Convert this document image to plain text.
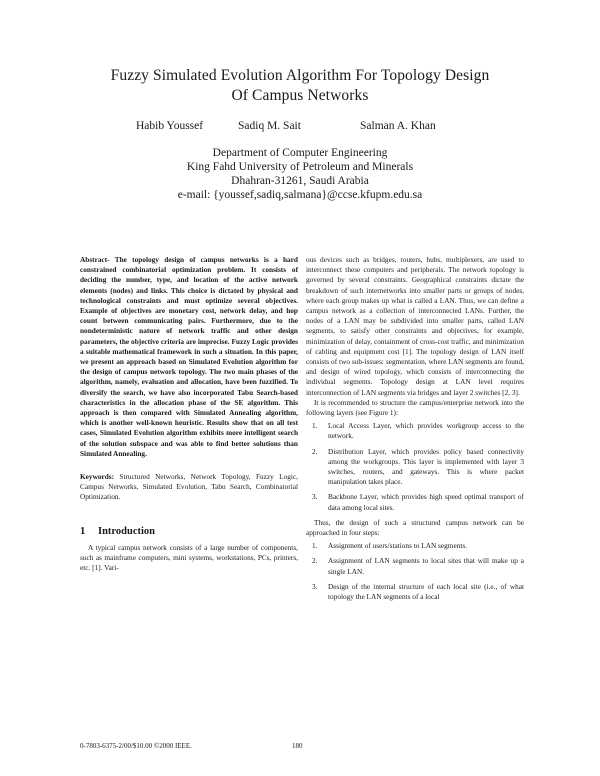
Fuzzy Simulated Evolution Algorithm For Topology Design
Of Campus Networks
Habib Youssef	Sadiq M. Sait	Salman A. Khan
Department of Computer Engineering
King Fahd University of Petroleum and Minerals
Dhahran-31261, Saudi Arabia
e-mail: {youssef,sadiq,salmana}@ccse.kfupm.edu.sa
Abstract- The topology design of campus networks is a hard constrained combinatorial optimization problem. It consists of deciding the number, type, and location of the active network elements (nodes) and links. This choice is dictated by physical and technological constraints and must optimize several objectives. Example of objectives are monetary cost, network delay, and hop count between communicating pairs. Furthermore, due to the nondeterministic nature of network traffic and other design parameters, the objective criteria are imprecise. Fuzzy Logic provides a suitable mathematical framework in such a situation. In this paper, we present an approach based on Simulated Evolution algorithm for the design of campus network topology. The two main phases of the algorithm, namely, evaluation and allocation, have been fuzzified. To diversify the search, we have also incorporated Tabu Search-based characteristics in the allocation phase of the SE algorithm. This approach is then compared with Simulated Annealing algorithm, which is another well-known heuristic. Results show that on all test cases, Simulated Evolution algorithm exhibits more intelligent search of the solution subspace and was able to find better solutions than Simulated Annealing.
Keywords: Structured Networks, Network Topology, Fuzzy Logic, Campus Networks, Simulated Evolution, Tabu Search, Combinatorial Optimization.
1 Introduction
A typical campus network consists of a large number of components, such as mainframe computers, mini systems, workstations, PCs, printers, etc. [1]. Vari-

ous devices such as bridges, routers, hubs, multiplexers, are used to interconnect these computers and peripherals. The network topology is governed by several constraints. Geographical constraints dictate the breakdown of such internetworks into smaller parts or groups of nodes, where each group makes up what is called a LAN. Thus, we can define a campus network as a collection of interconnected LANs. Further, the nodes of a LAN may be subdivided into smaller parts, called LAN segments, to satisfy other constraints and objectives, for example, minimization of delay, containment of cross-cost traffic, and minimization of cabling and equipment cost [1]. The topology design of LAN itself consists of two sub-issues: segmentation, where LAN segments are found, and design of wired topology, which consists of interconnecting the individual segments. Topology design at LAN level requires interconnection of LAN segments via bridges and layer 2 switches [2, 3].

It is recommended to structure the campus/enterprise network into the following layers (see Figure 1):

1. Local Access Layer, which provides workgroup access to the network.
2. Distribution Layer, which provides policy based connectivity among the workgroups. This layer is implemented with layer 3 switches, routers, and gateways. This is where packet manipulation takes place.
3. Backbone Layer, which provides high speed optimal transport of data among local sites.

Thus, the design of such a structured campus network can be approached in four steps:

1. Assignment of users/stations to LAN segments.
2. Assignment of LAN segments to local sites that will make up a single LAN.
3. Design of the internal structure of each local site (i.e., of what topology the LAN segments of a local
0-7803-6375-2/00/$10.00 ©2000 IEEE.	180
